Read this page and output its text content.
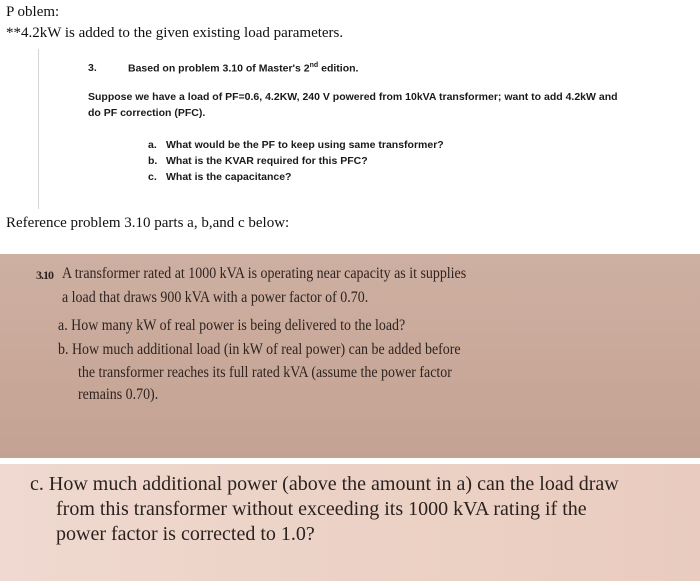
P oblem:
**4.2kW is added to the given existing load parameters.
3.	Based on problem 3.10 of Master's 2nd edition.
Suppose we have a load of PF=0.6, 4.2KW, 240 V powered from 10kVA transformer; want to add 4.2kW and do PF correction (PFC).
a. What would be the PF to keep using same transformer?
b. What is the KVAR required for this PFC?
c. What is the capacitance?
Reference problem 3.10 parts a, b,and c below:
3.10 A transformer rated at 1000 kVA is operating near capacity as it supplies
a load that draws 900 kVA with a power factor of 0.70.
a. How many kW of real power is being delivered to the load?
b. How much additional load (in kW of real power) can be added before
the transformer reaches its full rated kVA (assume the power factor
remains 0.70).
c. How much additional power (above the amount in a) can the load draw
from this transformer without exceeding its 1000 kVA rating if the
power factor is corrected to 1.0?
